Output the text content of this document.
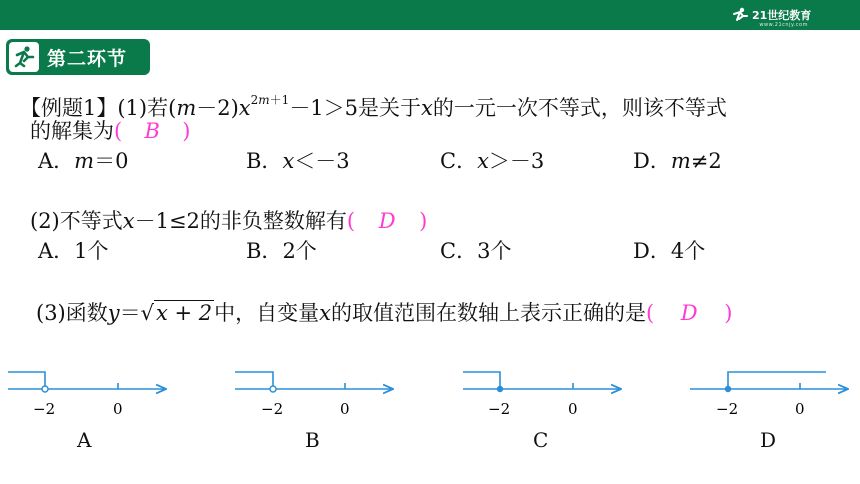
21世纪教育
www.21cnjy.com
第二环节
【例题1】(1)若$(m-2)x^{2m+1}-1>5$是关于x的一元一次不等式，则该不等式
的解集为( B )
A．m＝0	B．x＜－3	C．x＞－3	D．m≠2
(2)不等式x－1≤2的非负整数解有( D )
A．1个	B．2个	C．3个	D．4个
(3)函数y＝√x + 2中，自变量x的取值范围在数轴上表示正确的是( D )
−2	0	−2	0	−2	0	−2	0
A	B	C	D
